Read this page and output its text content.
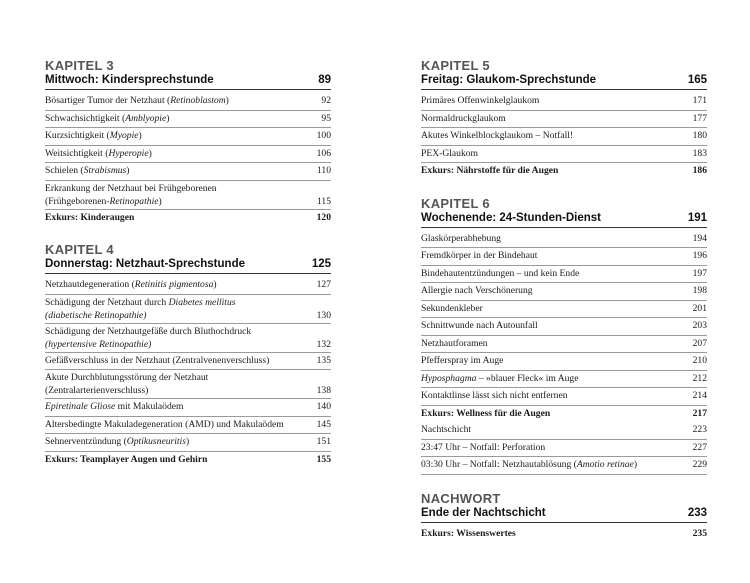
KAPITEL 3
Mittwoch: Kindersprechstunde	89
Bösartiger Tumor der Netzhaut (Retinoblastom)	92
Schwachsichtigkeit (Amblyopie)	95
Kurzsichtigkeit (Myopie)	100
Weitsichtigkeit (Hyperopie)	106
Schielen (Strabismus)	110
Erkrankung der Netzhaut bei Frühgeborenen
(Frühgeborenen-Retinopathie)	115
Exkurs: Kinderaugen	120
KAPITEL 4
Donnerstag: Netzhaut-Sprechstunde	125
Netzhautdegeneration (Retinitis pigmentosa)	127
Schädigung der Netzhaut durch Diabetes mellitus
(diabetische Retinopathie)	130
Schädigung der Netzhautgefäße durch Bluthochdruck
(hypertensive Retinopathie)	132
Gefäßverschluss in der Netzhaut (Zentralvenenverschluss)	135
Akute Durchblutungsstörung der Netzhaut
(Zentralarterienverschluss)	138
Epiretinale Gliose mit Makulaödem	140
Altersbedingte Makuladegeneration (AMD) und Makulaödem	145
Sehnerventzündung (Optikusneuritis)	151
Exkurs: Teamplayer Augen und Gehirn	155
KAPITEL 5
Freitag: Glaukom-Sprechstunde	165
Primäres Offenwinkelglaukom	171
Normaldruckglaukom	177
Akutes Winkelblockglaukom – Notfall!	180
PEX-Glaukom	183
Exkurs: Nährstoffe für die Augen	186
KAPITEL 6
Wochenende: 24-Stunden-Dienst	191
Glaskörperabhebung	194
Fremdkörper in der Bindehaut	196
Bindehautentzündungen – und kein Ende	197
Allergie nach Verschönerung	198
Sekundenkleber	201
Schnittwunde nach Autounfall	203
Netzhautforamen	207
Pfefferspray im Auge	210
Hyposphagma – »blauer Fleck« im Auge	212
Kontaktlinse lässt sich nicht entfernen	214
Exkurs: Wellness für die Augen	217
Nachtschicht	223
23:47 Uhr – Notfall: Perforation	227
03:30 Uhr – Notfall: Netzhautablösung (Amotio retinae)	229
NACHWORT
Ende der Nachtschicht	233
Exkurs: Wissenswertes	235
